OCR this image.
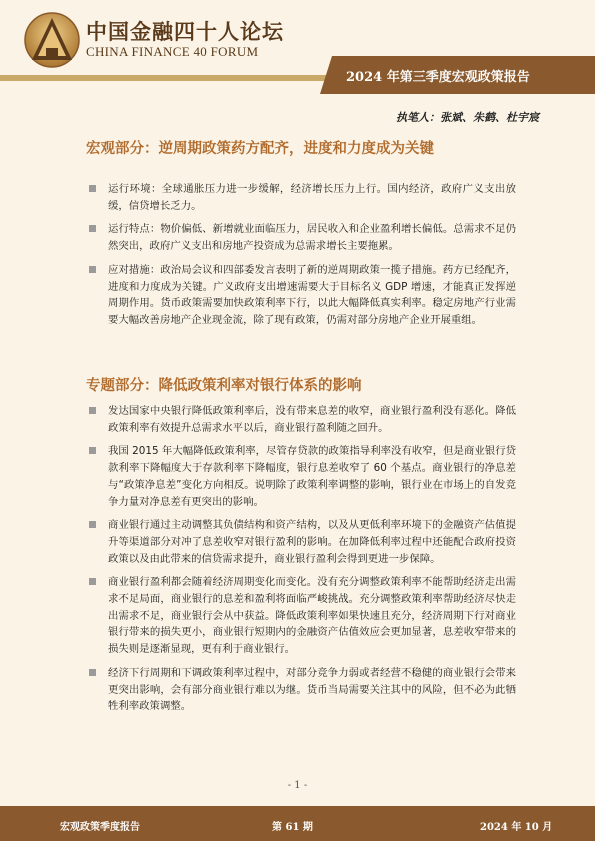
中国金融四十人论坛
CHINA FINANCE 40 FORUM
2024 年第三季度宏观政策报告
执笔人：张斌、朱鹤、杜宇宸
宏观部分：逆周期政策药方配齐，进度和力度成为关键
运行环境：全球通胀压力进一步缓解，经济增长压力上行。国内经济，政府广义支出放缓，信贷增长乏力。
运行特点：物价偏低、新增就业面临压力，居民收入和企业盈利增长偏低。总需求不足仍然突出，政府广义支出和房地产投资成为总需求增长主要拖累。
应对措施：政治局会议和四部委发言表明了新的逆周期政策一揽子措施。药方已经配齐，进度和力度成为关键。广义政府支出增速需要大于目标名义 GDP 增速，才能真正发挥逆周期作用。货币政策需要加快政策利率下行，以此大幅降低真实利率。稳定房地产行业需要大幅改善房地产企业现金流，除了现有政策，仍需对部分房地产企业开展重组。
专题部分：降低政策利率对银行体系的影响
发达国家中央银行降低政策利率后，没有带来息差的收窄，商业银行盈利没有恶化。降低政策利率有效提升总需求水平以后，商业银行盈利随之回升。
我国 2015 年大幅降低政策利率，尽管存贷款的政策指导利率没有收窄，但是商业银行贷款利率下降幅度大于存款利率下降幅度，银行息差收窄了 60 个基点。商业银行的净息差与“政策净息差”变化方向相反。说明除了政策利率调整的影响，银行业在市场上的自发竞争力量对净息差有更突出的影响。
商业银行通过主动调整其负债结构和资产结构，以及从更低利率环境下的金融资产估值提升等渠道部分对冲了息差收窄对银行盈利的影响。在加降低利率过程中还能配合政府投资政策以及由此带来的信贷需求提升，商业银行盈利会得到更进一步保障。
商业银行盈利都会随着经济周期变化而变化。没有充分调整政策利率不能帮助经济走出需求不足局面，商业银行的息差和盈利将面临严峻挑战。充分调整政策利率帮助经济尽快走出需求不足，商业银行会从中获益。降低政策利率如果快速且充分，经济周期下行对商业银行带来的损失更小，商业银行短期内的金融资产估值效应会更加显著，息差收窄带来的损失则是逐渐显现，更有利于商业银行。
经济下行周期和下调政策利率过程中，对部分竞争力弱或者经营不稳健的商业银行会带来更突出影响，会有部分商业银行难以为继。货币当局需要关注其中的风险，但不必为此牺牲利率政策调整。
- 1 -
宏观政策季度报告	第 61 期	2024 年 10 月
